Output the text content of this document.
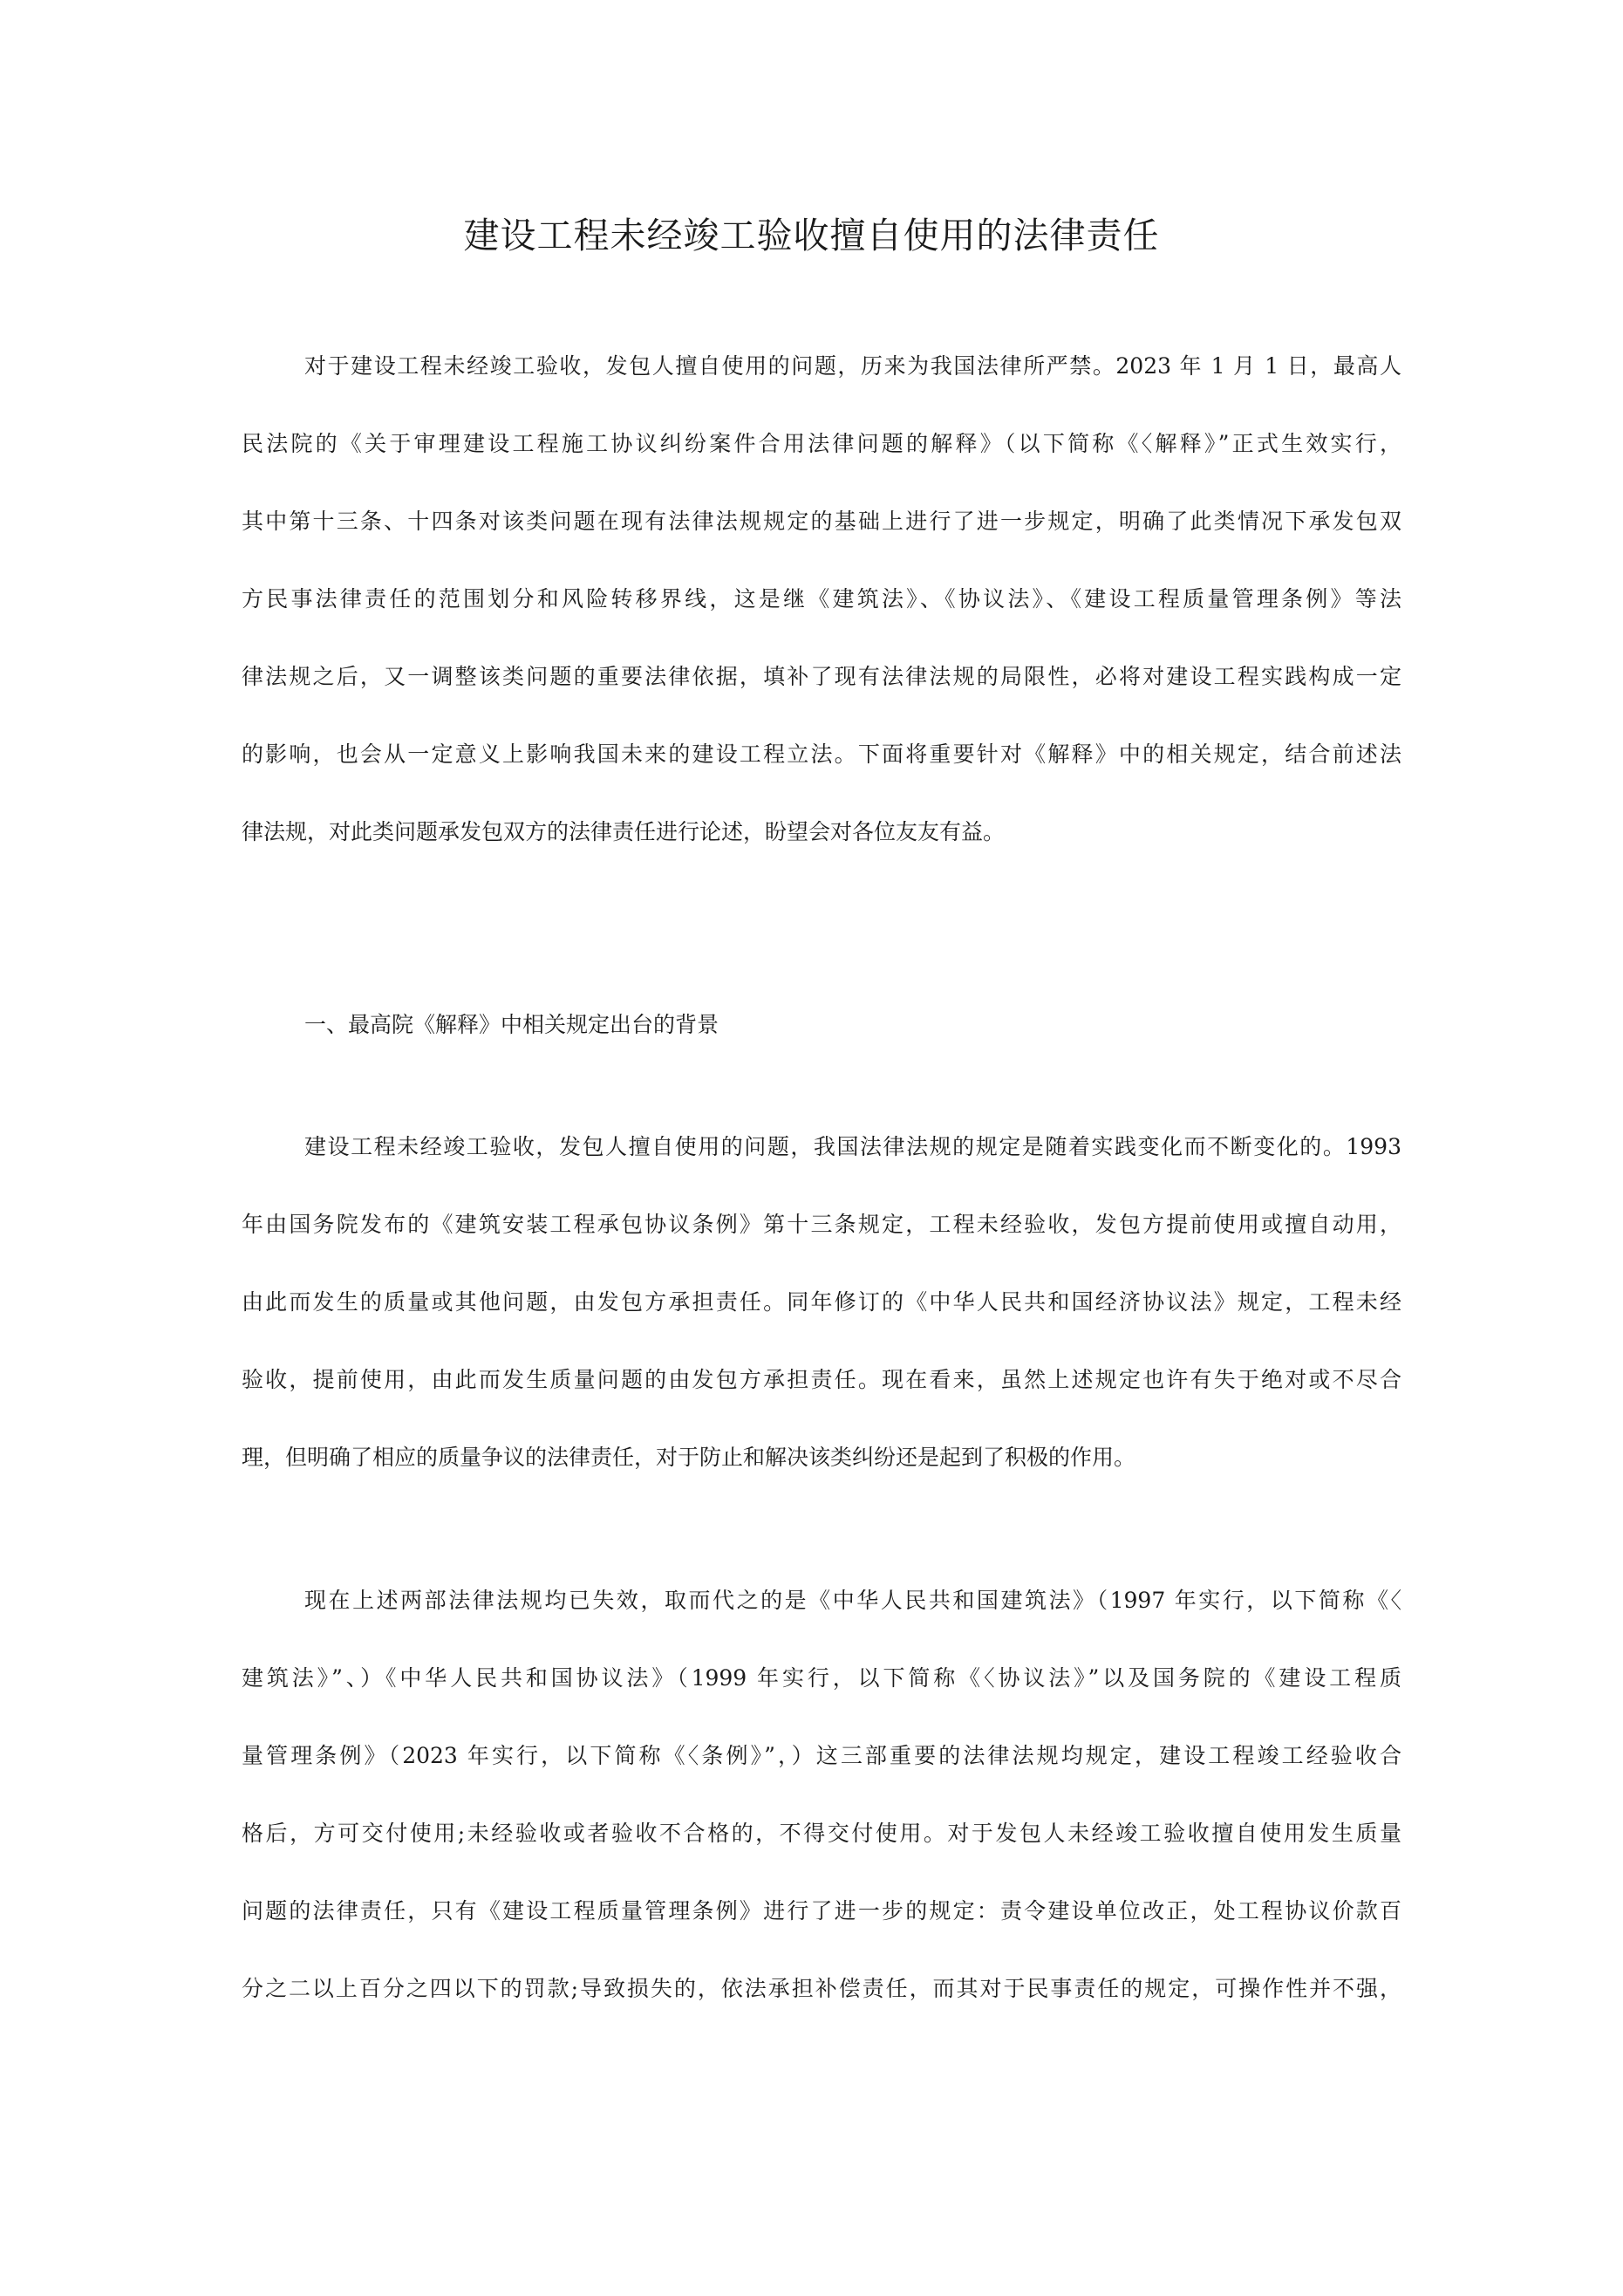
建设工程未经竣工验收擅自使用的法律责任
对于建设工程未经竣工验收，发包人擅自使用的问题，历来为我国法律所严禁。2023 年 1 月 1 日，最高人
民法院的《关于审理建设工程施工协议纠纷案件合用法律问题的解释》（以下简称《〈解释》”正式生效实行，
其中第十三条、十四条对该类问题在现有法律法规规定的基础上进行了进一步规定，明确了此类情况下承发包双
方民事法律责任的范围划分和风险转移界线，这是继《建筑法》、《协议法》、《建设工程质量管理条例》等法
律法规之后，又一调整该类问题的重要法律依据，填补了现有法律法规的局限性，必将对建设工程实践构成一定
的影响，也会从一定意义上影响我国未来的建设工程立法。下面将重要针对《解释》中的相关规定，结合前述法
律法规，对此类问题承发包双方的法律责任进行论述，盼望会对各位友友有益。
一、最高院《解释》中相关规定出台的背景
建设工程未经竣工验收，发包人擅自使用的问题，我国法律法规的规定是随着实践变化而不断变化的。1993
年由国务院发布的《建筑安装工程承包协议条例》第十三条规定，工程未经验收，发包方提前使用或擅自动用，
由此而发生的质量或其他问题，由发包方承担责任。同年修订的《中华人民共和国经济协议法》规定，工程未经
验收，提前使用，由此而发生质量问题的由发包方承担责任。现在看来，虽然上述规定也许有失于绝对或不尽合
理，但明确了相应的质量争议的法律责任，对于防止和解决该类纠纷还是起到了积极的作用。
现在上述两部法律法规均已失效，取而代之的是《中华人民共和国建筑法》（1997 年实行，以下简称《〈
建筑法》”、）《中华人民共和国协议法》（1999 年实行，以下简称《〈协议法》”以及国务院的《建设工程质
量管理条例》（2023 年实行，以下简称《〈条例》”，）这三部重要的法律法规均规定，建设工程竣工经验收合
格后，方可交付使用;未经验收或者验收不合格的，不得交付使用。对于发包人未经竣工验收擅自使用发生质量
问题的法律责任，只有《建设工程质量管理条例》进行了进一步的规定：责令建设单位改正，处工程协议价款百
分之二以上百分之四以下的罚款;导致损失的，依法承担补偿责任，而其对于民事责任的规定，可操作性并不强，
